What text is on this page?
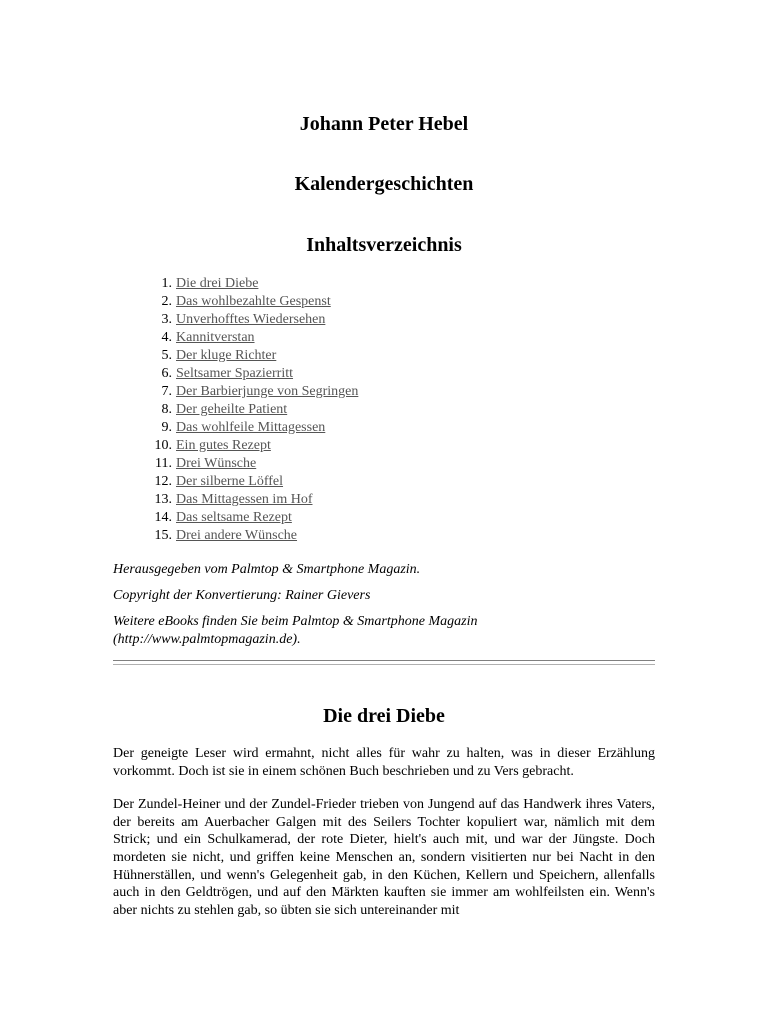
Johann Peter Hebel
Kalendergeschichten
Inhaltsverzeichnis
1. Die drei Diebe
2. Das wohlbezahlte Gespenst
3. Unverhofftes Wiedersehen
4. Kannitverstan
5. Der kluge Richter
6. Seltsamer Spazierritt
7. Der Barbierjunge von Segringen
8. Der geheilte Patient
9. Das wohlfeile Mittagessen
10. Ein gutes Rezept
11. Drei Wünsche
12. Der silberne Löffel
13. Das Mittagessen im Hof
14. Das seltsame Rezept
15. Drei andere Wünsche

Herausgegeben vom Palmtop & Smartphone Magazin.

Copyright der Konvertierung: Rainer Gievers

Weitere eBooks finden Sie beim Palmtop & Smartphone Magazin (http://www.palmtopmagazin.de).

Die drei Diebe

Der geneigte Leser wird ermahnt, nicht alles für wahr zu halten, was in dieser Erzählung vorkommt. Doch ist sie in einem schönen Buch beschrieben und zu Vers gebracht.

Der Zundel-Heiner und der Zundel-Frieder trieben von Jungend auf das Handwerk ihres Vaters, der bereits am Auerbacher Galgen mit des Seilers Tochter kopuliert war, nämlich mit dem Strick; und ein Schulkamerad, der rote Dieter, hielt's auch mit, und war der Jüngste. Doch mordeten sie nicht, und griffen keine Menschen an, sondern visitierten nur bei Nacht in den Hühnerställen, und wenn's Gelegenheit gab, in den Küchen, Kellern und Speichern, allenfalls auch in den Geldtrögen, und auf den Märkten kauften sie immer am wohlfeilsten ein. Wenn's aber nichts zu stehlen gab, so übten sie sich untereinander mit
